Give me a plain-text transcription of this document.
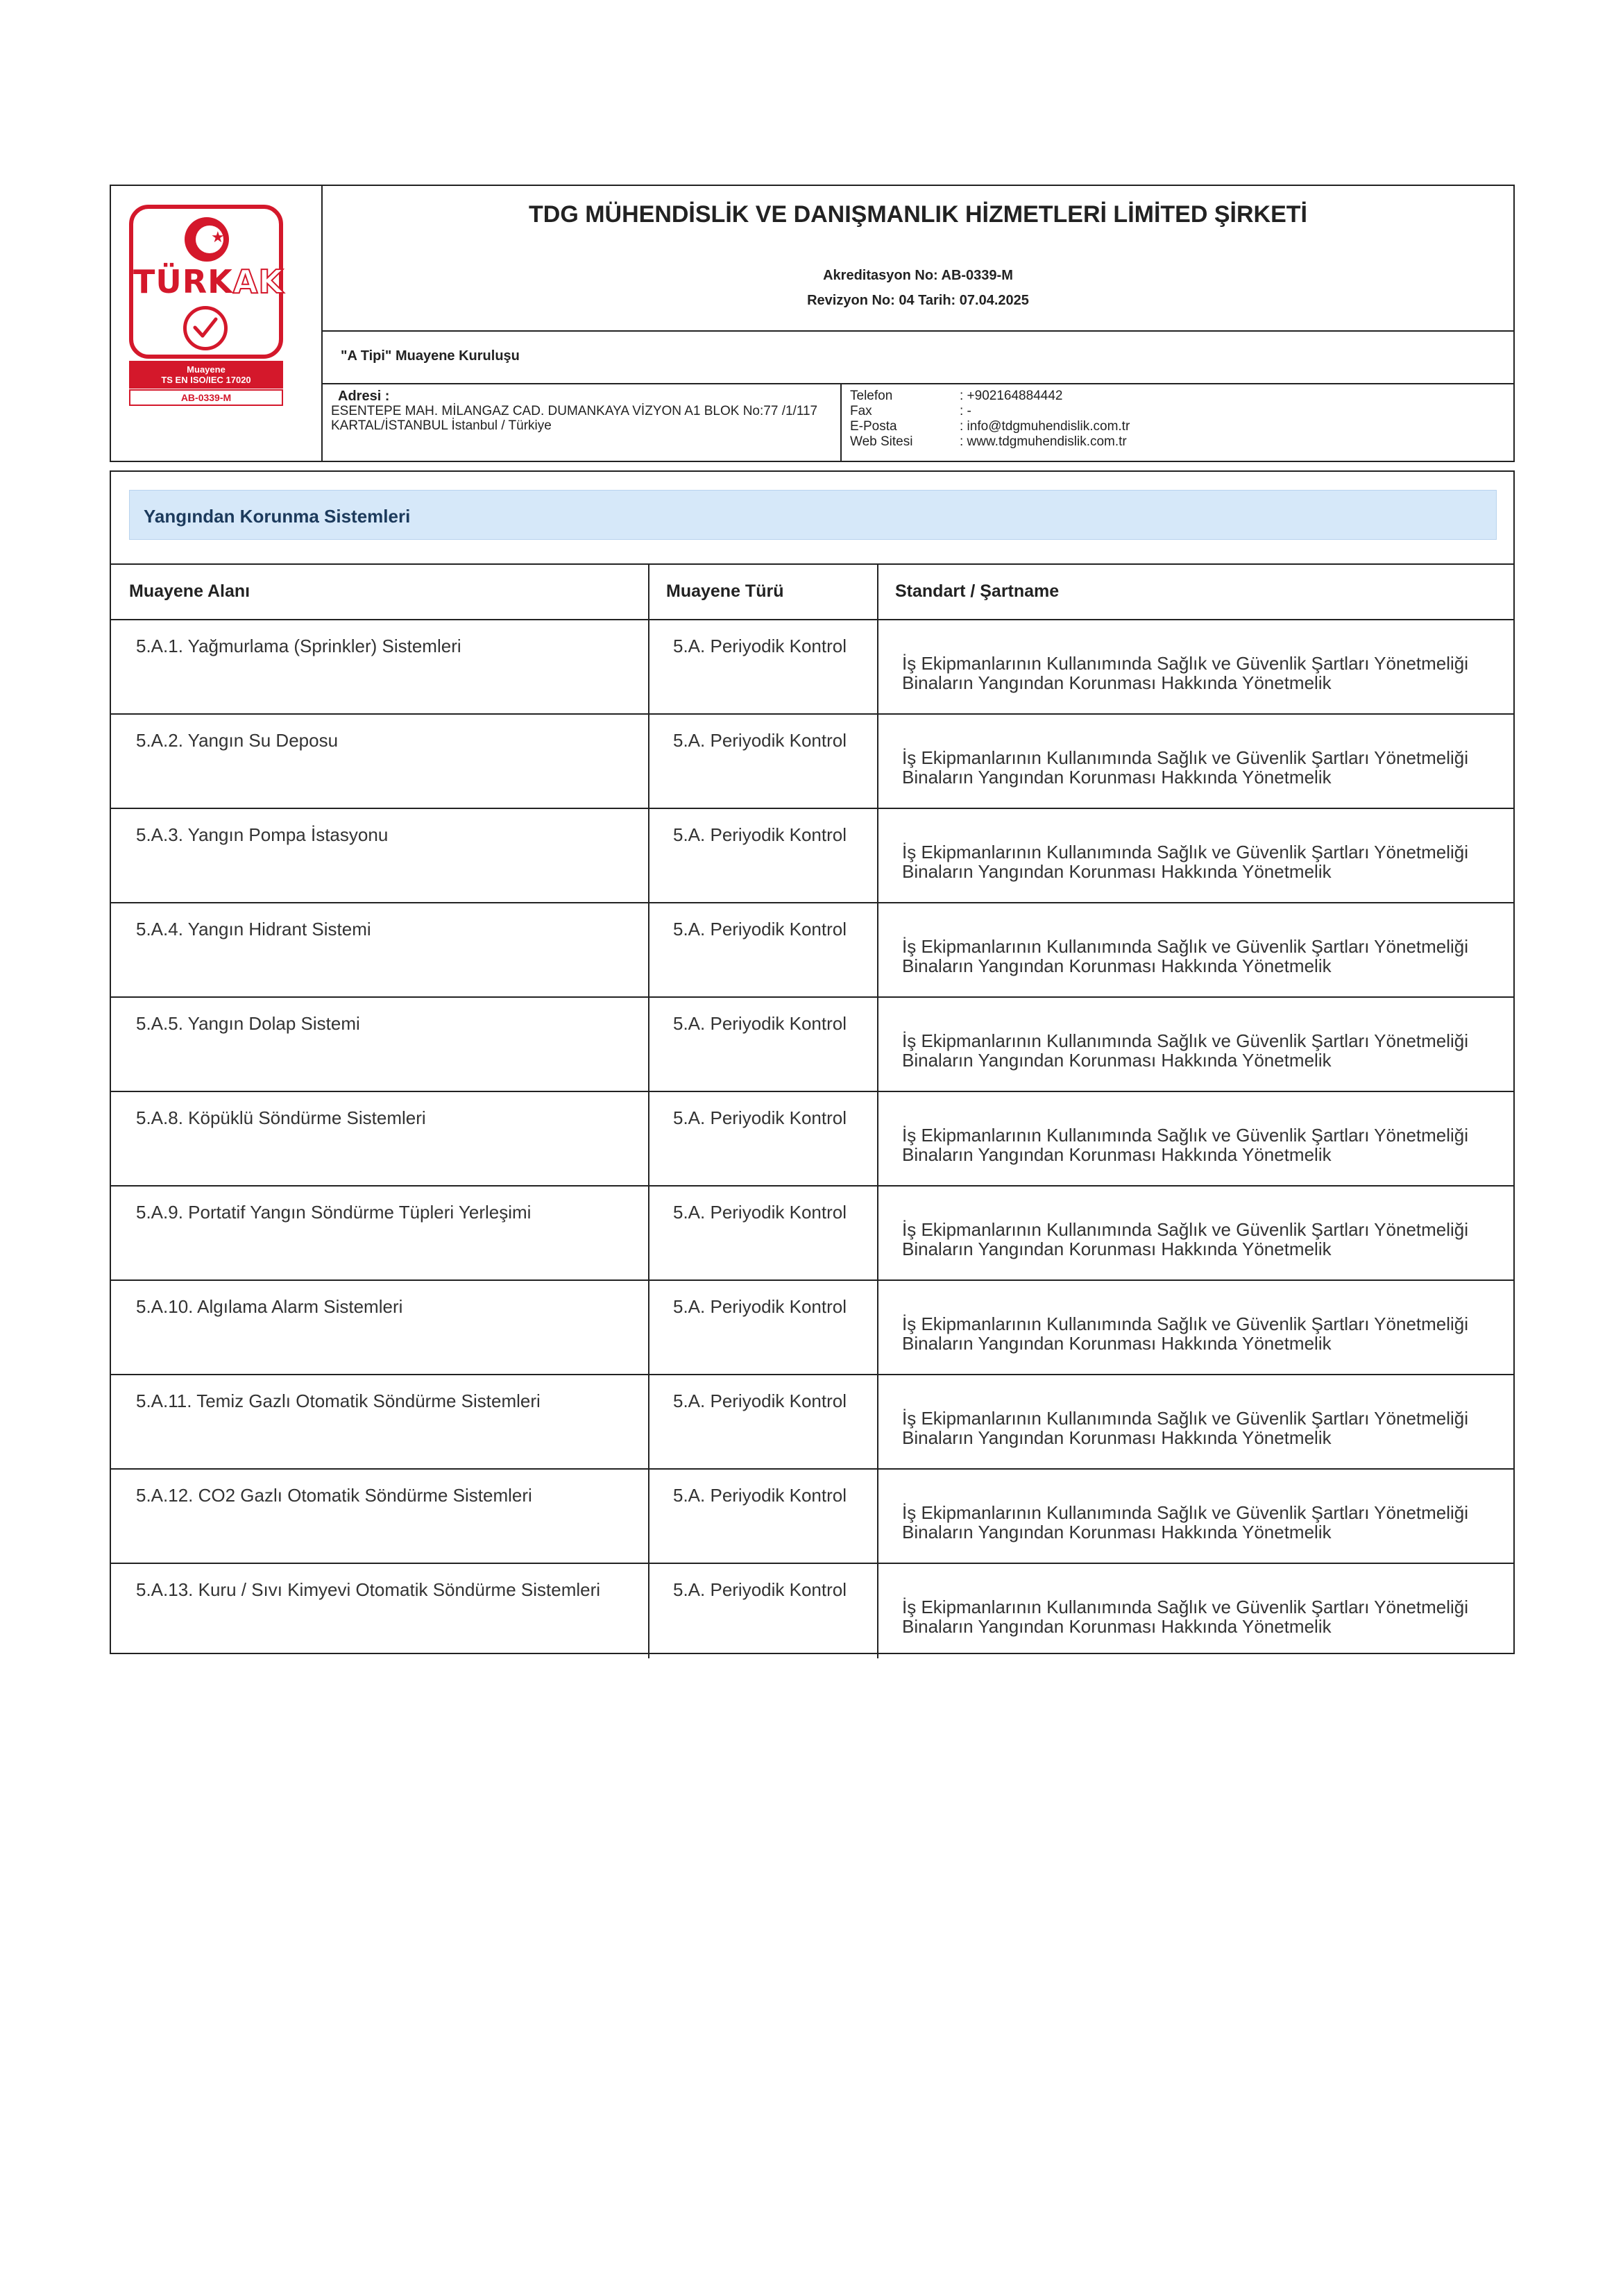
★
TÜRKAK
Muayene
TS EN ISO/IEC 17020
AB-0339-M
TDG MÜHENDİSLİK VE DANIŞMANLIK HİZMETLERİ LİMİTED ŞİRKETİ
Akreditasyon No: AB-0339-M
Revizyon No: 04 Tarih: 07.04.2025
"A Tipi" Muayene Kuruluşu
Adresi :
ESENTEPE MAH. MİLANGAZ CAD. DUMANKAYA VİZYON A1 BLOK No:77 /1/117 KARTAL/İSTANBUL İstanbul / Türkiye
Telefon	: +902164884442
Fax	: -
E-Posta	: info@tdgmuhendislik.com.tr
Web Sitesi	: www.tdgmuhendislik.com.tr
Yangından Korunma Sistemleri
Muayene Alanı	Muayene Türü	Standart / Şartname
5.A.1. Yağmurlama (Sprinkler) Sistemleri	5.A. Periyodik Kontrol
İş Ekipmanlarının Kullanımında Sağlık ve Güvenlik Şartları Yönetmeliği
Binaların Yangından Korunması Hakkında Yönetmelik
5.A.2. Yangın Su Deposu	5.A. Periyodik Kontrol
İş Ekipmanlarının Kullanımında Sağlık ve Güvenlik Şartları Yönetmeliği
Binaların Yangından Korunması Hakkında Yönetmelik
5.A.3. Yangın Pompa İstasyonu	5.A. Periyodik Kontrol
İş Ekipmanlarının Kullanımında Sağlık ve Güvenlik Şartları Yönetmeliği
Binaların Yangından Korunması Hakkında Yönetmelik
5.A.4. Yangın Hidrant Sistemi	5.A. Periyodik Kontrol
İş Ekipmanlarının Kullanımında Sağlık ve Güvenlik Şartları Yönetmeliği
Binaların Yangından Korunması Hakkında Yönetmelik
5.A.5. Yangın Dolap Sistemi	5.A. Periyodik Kontrol
İş Ekipmanlarının Kullanımında Sağlık ve Güvenlik Şartları Yönetmeliği
Binaların Yangından Korunması Hakkında Yönetmelik
5.A.8. Köpüklü Söndürme Sistemleri	5.A. Periyodik Kontrol
İş Ekipmanlarının Kullanımında Sağlık ve Güvenlik Şartları Yönetmeliği
Binaların Yangından Korunması Hakkında Yönetmelik
5.A.9. Portatif Yangın Söndürme Tüpleri Yerleşimi	5.A. Periyodik Kontrol
İş Ekipmanlarının Kullanımında Sağlık ve Güvenlik Şartları Yönetmeliği
Binaların Yangından Korunması Hakkında Yönetmelik
5.A.10. Algılama Alarm Sistemleri	5.A. Periyodik Kontrol
İş Ekipmanlarının Kullanımında Sağlık ve Güvenlik Şartları Yönetmeliği
Binaların Yangından Korunması Hakkında Yönetmelik
5.A.11. Temiz Gazlı Otomatik Söndürme Sistemleri	5.A. Periyodik Kontrol
İş Ekipmanlarının Kullanımında Sağlık ve Güvenlik Şartları Yönetmeliği
Binaların Yangından Korunması Hakkında Yönetmelik
5.A.12. CO2 Gazlı Otomatik Söndürme Sistemleri	5.A. Periyodik Kontrol
İş Ekipmanlarının Kullanımında Sağlık ve Güvenlik Şartları Yönetmeliği
Binaların Yangından Korunması Hakkında Yönetmelik
5.A.13. Kuru / Sıvı Kimyevi Otomatik Söndürme Sistemleri	5.A. Periyodik Kontrol
İş Ekipmanlarının Kullanımında Sağlık ve Güvenlik Şartları Yönetmeliği
Binaların Yangından Korunması Hakkında Yönetmelik
